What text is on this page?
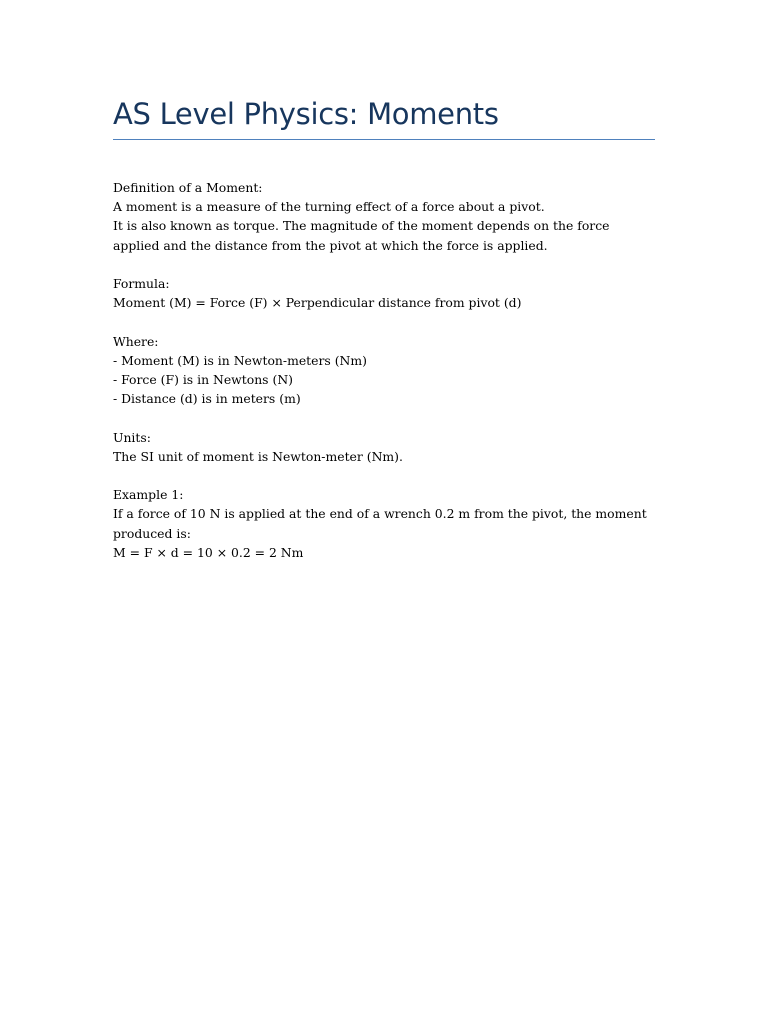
AS Level Physics: Moments
Definition of a Moment:
A moment is a measure of the turning effect of a force about a pivot.
It is also known as torque. The magnitude of the moment depends on the force applied and the distance from the pivot at which the force is applied.
Formula:
Moment (M) = Force (F) × Perpendicular distance from pivot (d)
Where:
- Moment (M) is in Newton-meters (Nm)
- Force (F) is in Newtons (N)
- Distance (d) is in meters (m)
Units:
The SI unit of moment is Newton-meter (Nm).
Example 1:
If a force of 10 N is applied at the end of a wrench 0.2 m from the pivot, the moment produced is:
M = F × d = 10 × 0.2 = 2 Nm
